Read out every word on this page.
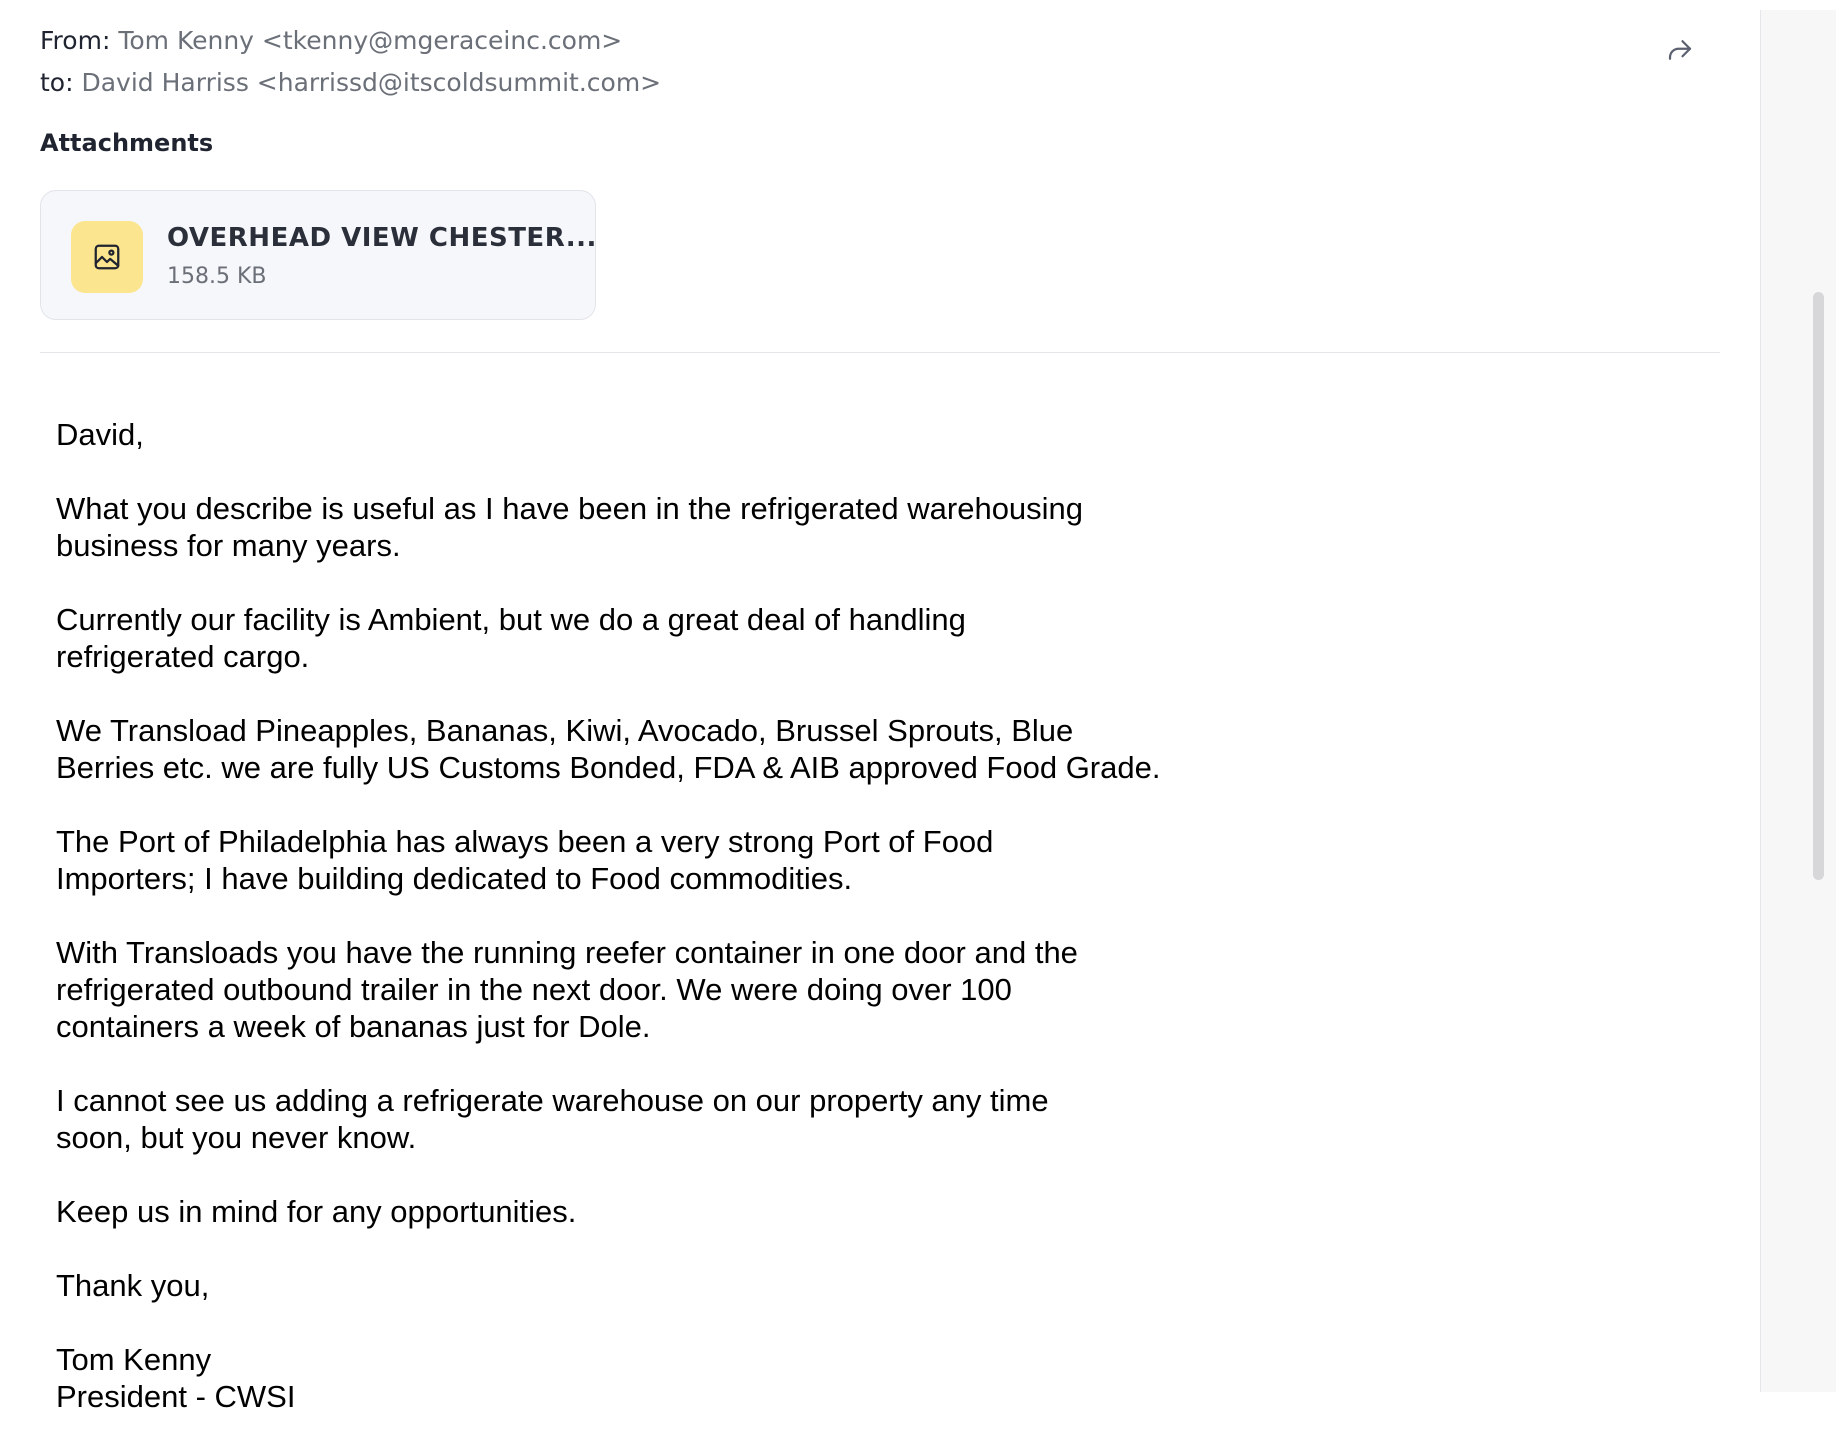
From: Tom Kenny <tkenny@mgeraceinc.com>
to: David Harriss <harrissd@itscoldsummit.com>
Attachments
OVERHEAD VIEW CHESTER...
158.5 KB
David,
What you describe is useful as I have been in the refrigerated warehousing
business for many years.
Currently our facility is Ambient, but we do a great deal of handling
refrigerated cargo.
We Transload Pineapples, Bananas, Kiwi, Avocado, Brussel Sprouts, Blue
Berries etc. we are fully US Customs Bonded, FDA & AIB approved Food Grade.
The Port of Philadelphia has always been a very strong Port of Food
Importers; I have building dedicated to Food commodities.
With Transloads you have the running reefer container in one door and the
refrigerated outbound trailer in the next door. We were doing over 100
containers a week of bananas just for Dole.
I cannot see us adding a refrigerate warehouse on our property any time
soon, but you never know.
Keep us in mind for any opportunities.
Thank you,
Tom Kenny
President - CWSI
